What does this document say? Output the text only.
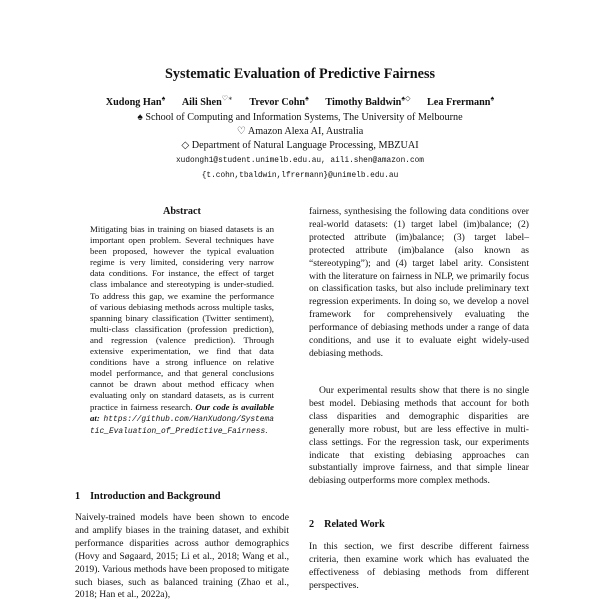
Systematic Evaluation of Predictive Fairness
Xudong Han♠ Aili Shen♡∗ Trevor Cohn♠ Timothy Baldwin♠◇ Lea Frermann♠
♠ School of Computing and Information Systems, The University of Melbourne
♡ Amazon Alexa AI, Australia
◇ Department of Natural Language Processing, MBZUAI
xudongh1@student.unimelb.edu.au, aili.shen@amazon.com
{t.cohn,tbaldwin,lfrermann}@unimelb.edu.au
Abstract

Mitigating bias in training on biased datasets is an important open problem. Several techniques have been proposed, however the typical evaluation regime is very limited, considering very narrow data conditions. For instance, the effect of target class imbalance and stereotyping is under-studied. To address this gap, we examine the performance of various debiasing methods across multiple tasks, spanning binary classification (Twitter sentiment), multi-class classification (profession prediction), and regression (valence prediction). Through extensive experimentation, we find that data conditions have a strong influence on relative model performance, and that general conclusions cannot be drawn about method efficacy when evaluating only on standard datasets, as is current practice in fairness research. Our code is available at: https://github.com/HanXudong/Systematic_Evaluation_of_Predictive_Fairness.

1 Introduction and Background

Naively-trained models have been shown to encode and amplify biases in the training dataset, and exhibit performance disparities across author demographics (Hovy and Søgaard, 2015; Li et al., 2018; Wang et al., 2019). Various methods have been proposed to mitigate such biases, such as balanced training (Zhao et al., 2018; Han et al., 2022a),

fairness, synthesising the following data conditions over real-world datasets: (1) target label (im)balance; (2) protected attribute (im)balance; (3) target label–protected attribute (im)balance (also known as “stereotyping”); and (4) target label arity. Consistent with the literature on fairness in NLP, we primarily focus on classification tasks, but also include preliminary text regression experiments. In doing so, we develop a novel framework for comprehensively evaluating the performance of debiasing methods under a range of data conditions, and use it to evaluate eight widely-used debiasing methods.

Our experimental results show that there is no single best model. Debiasing methods that account for both class disparities and demographic disparities are generally more robust, but are less effective in multi-class settings. For the regression task, our experiments indicate that existing debiasing approaches can substantially improve fairness, and that simple linear debiasing outperforms more complex methods.

2 Related Work

In this section, we first describe different fairness criteria, then examine work which has evaluated the effectiveness of debiasing methods from different perspectives.
